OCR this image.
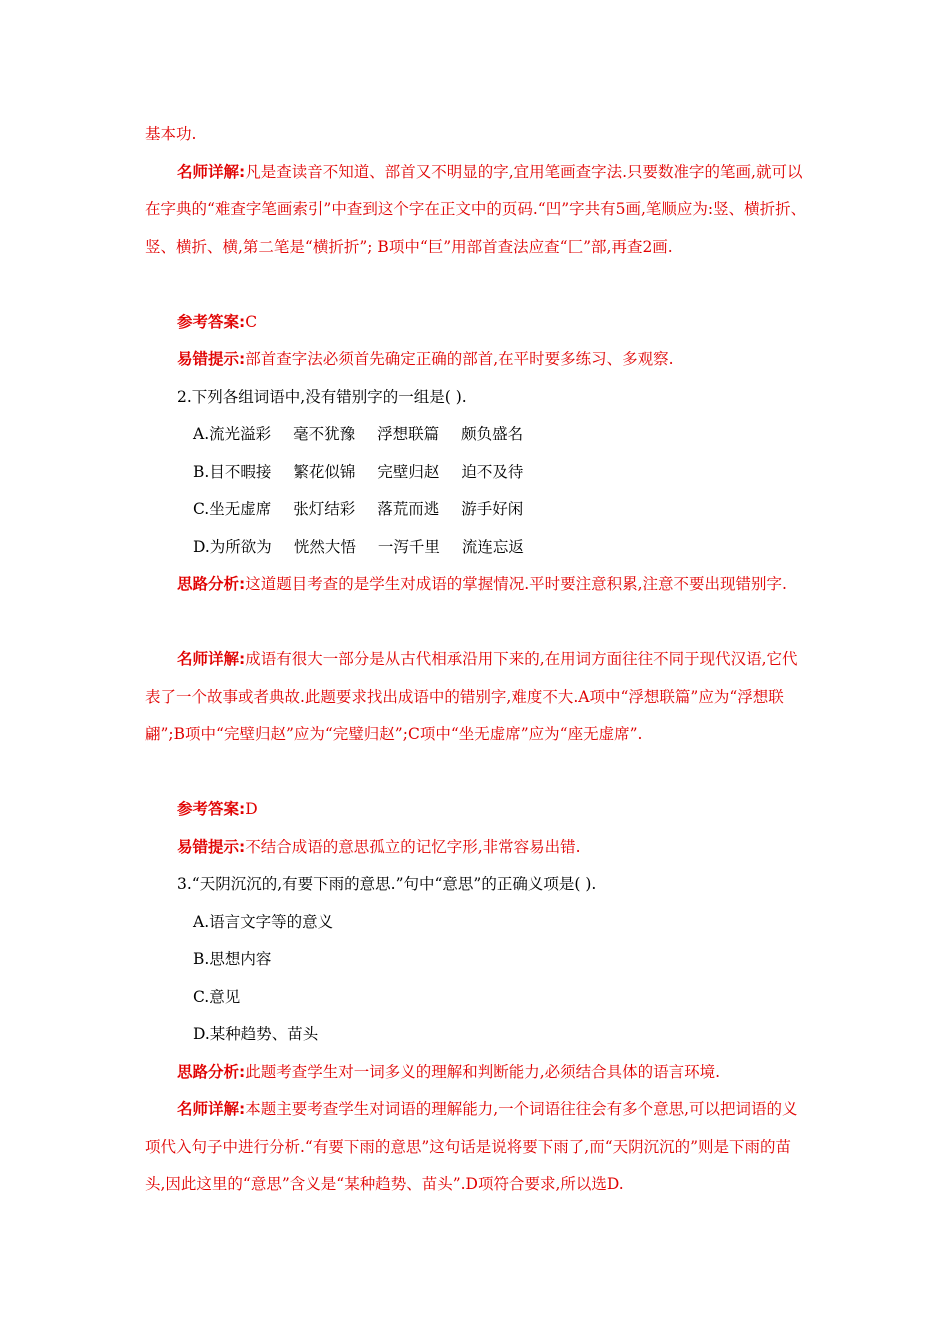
基本功.

名师详解:凡是查读音不知道、部首又不明显的字,宜用笔画查字法.只要数准字的笔画,就可以在字典的“难查字笔画索引”中查到这个字在正文中的页码.“凹”字共有5画,笔顺应为:竖、横折折、竖、横折、横,第二笔是“横折折”; B项中“巨”用部首查法应查“匚”部,再查2画.

参考答案:C

易错提示:部首查字法必须首先确定正确的部首,在平时要多练习、多观察.

2.下列各组词语中,没有错别字的一组是( ).

A.流光溢彩 毫不犹豫 浮想联篇 颇负盛名
B.目不暇接 繁花似锦 完壁归赵 迫不及待
C.坐无虚席 张灯结彩 落荒而逃 游手好闲
D.为所欲为 恍然大悟 一泻千里 流连忘返

思路分析:这道题目考查的是学生对成语的掌握情况.平时要注意积累,注意不要出现错别字.

名师详解:成语有很大一部分是从古代相承沿用下来的,在用词方面往往不同于现代汉语,它代表了一个故事或者典故.此题要求找出成语中的错别字,难度不大.A项中“浮想联篇”应为“浮想联翩”;B项中“完壁归赵”应为“完璧归赵”;C项中“坐无虚席”应为“座无虚席”.

参考答案:D

易错提示:不结合成语的意思孤立的记忆字形,非常容易出错.

3.“天阴沉沉的,有要下雨的意思.”句中“意思”的正确义项是( ).

A.语言文字等的意义

B.思想内容

C.意见

D.某种趋势、苗头

思路分析:此题考查学生对一词多义的理解和判断能力,必须结合具体的语言环境.

名师详解:本题主要考查学生对词语的理解能力,一个词语往往会有多个意思,可以把词语的义项代入句子中进行分析.“有要下雨的意思”这句话是说将要下雨了,而“天阴沉沉的”则是下雨的苗头,因此这里的“意思”含义是“某种趋势、苗头”.D项符合要求,所以选D.
